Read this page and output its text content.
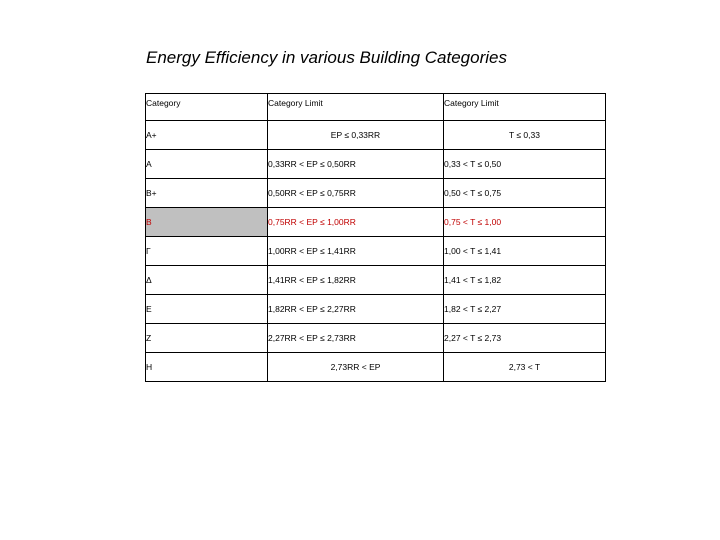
Energy Efficiency in various Building Categories
Category	Category Limit	Category Limit
A+	EP ≤ 0,33RR	T ≤ 0,33
A	0,33RR < EP ≤ 0,50RR	0,33 < T ≤ 0,50
B+	0,50RR < EP ≤ 0,75RR	0,50 < T ≤ 0,75
B	0,75RR < EP ≤ 1,00RR	0,75 < T ≤ 1,00
Γ	1,00RR < EP ≤ 1,41RR	1,00 < T ≤ 1,41
Δ	1,41RR < EP ≤ 1,82RR	1,41 < T ≤ 1,82
E	1,82RR < EP ≤ 2,27RR	1,82 < T ≤ 2,27
Z	2,27RR < EP ≤ 2,73RR	2,27 < T ≤ 2,73
H	2,73RR < EP	2,73 < T
